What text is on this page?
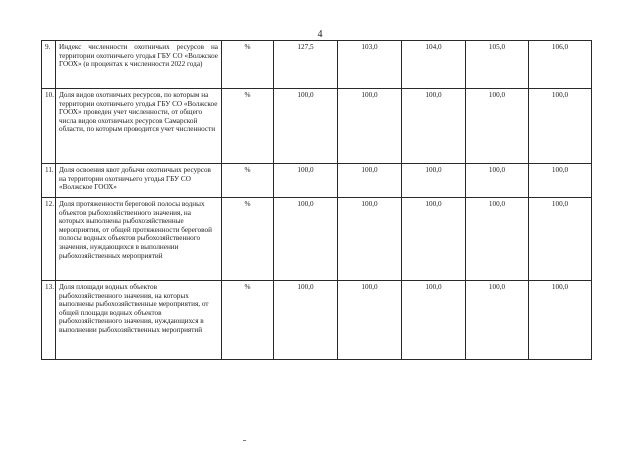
4
9.	Индекс численности охотничьих ресурсов на территории охотничьего угодья ГБУ СО «Волжское ГООХ» (в процентах к численности 2022 года)	%	127,5	103,0	104,0	105,0	106,0
10.	Доля видов охотничьих ресурсов, по которым на территории охотничьего угодья ГБУ СО «Волжское ГООХ» проведен учет численности, от общего числа видов охотничьих ресурсов Самарской области, по которым проводится учет численности	%	100,0	100,0	100,0	100,0	100,0
11.	Доля освоения квот добычи охотничьих ресурсов на территории охотничьего угодья ГБУ СО «Волжское ГООХ»	%	100,0	100,0	100,0	100,0	100,0
12.	Доля протяженности береговой полосы водных объектов рыбохозяйственного значения, на которых выполнены рыбохозяйственные мероприятия, от общей протяженности береговой полосы водных объектов рыбохозяйственного значения, нуждающихся в выполнении рыбохозяйственных мероприятий	%	100,0	100,0	100,0	100,0	100,0
13.	Доля площади водных объектов рыбохозяйственного значения, на которых выполнены рыбохозяйственные мероприятия, от общей площади водных объектов рыбохозяйственного значения, нуждающихся в выполнении рыбохозяйственных мероприятий	%	100,0	100,0	100,0	100,0	100,0
